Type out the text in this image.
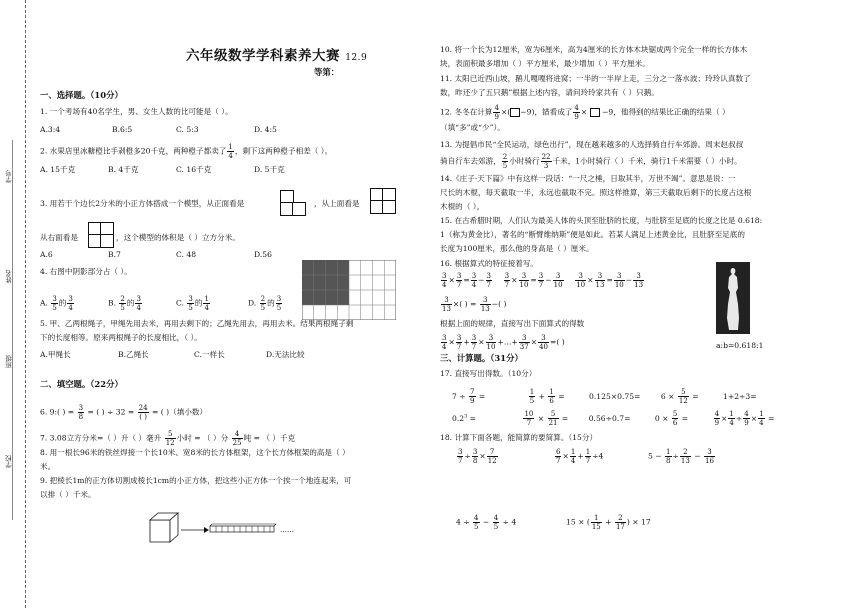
六年级数学学科素养大赛 12.9
等第：
学号
姓名
班级
学校
一、选择题。（10分）
1. 一个考场有40名学生，男、女生人数的比可能是（ ）。
A.3:4	B.6:5	C. 5:3	D. 4:5
2. 水果店里冰糖橙比手剥橙多20千克，两种橙子都卖了 $\frac{1}{4}$ ，剩下这两种橙子相差（ ）。
A. 15千克	B. 4千克	C. 16千克	D. 5千克
3. 用若干个边长2分米的小正方体搭成一个模型，从正面看是	，从上面看是
从右面看是	，这个模型的体积是（ ）立方分米。
A.6	B.7	C. 48	D.56
4. 右图中阴影部分占（ ）。
A. $\frac{3}{5}$ 的 $\frac{3}{4}$	B. $\frac{2}{5}$ 的 $\frac{3}{4}$	C. $\frac{3}{5}$ 的 $\frac{1}{4}$	D. $\frac{2}{5}$ 的 $\frac{3}{5}$
5. 甲、乙两根绳子，甲绳先用去米，再用去剩下的；乙绳先用去，再用去米。结果两根绳子剩
下的长度相等。原来两根绳子的长度相比，（ ）。
A.甲绳长	B.乙绳长	C.一样长	D.无法比较
二、填空题。（22分）
6. 9:( ) = $\frac{3}{8}$ = ( ) ÷ $32 = \frac{24}{( )}$ = ( )（填小数）
7. 3.08立方分米=（ ）升（ ）毫升 $\frac{5}{12}$ 小时 = （ ）分 $\frac{4}{25}$ 吨 = （ ）千克
8. 用一根长96米的铁丝焊接一个长10米、宽8米的长方体框架，这个长方体框架的高是（ ）
米。
9. 把棱长1m的正方体切割成棱长1cm的小正方体，把这些小正方体一个挨一个地连起来，可
以排（ ）千米。
……
10. 将一个长为12厘米，宽为6厘米，高为4厘米的长方体木块锯成两个完全一样的长方体木
块，表面积最多增加（ ）平方厘米，最少增加（ ）平方厘米。
11. 太阳已近西山坡，鹅儿嘎嘎将进窝；一半的一半岸上走，三分之一落水波；玲玲认真数了
数，昨还少了五只鹅”根据上述内容，请问玲玲家共有（ ）只鹅。
12. 冬冬在计算 $\frac{4}{9}$ ×( −9)，错看成了 $\frac{4}{9} \times -9$，他得到的结果比正确的结果（ ）
（填“多”或“少”）。
13. 为提倡市民“全民运动，绿色出行”，现在越来越多的人选择骑自行车郊游。周末赵叔叔
骑自行车去郊游， $\frac{2}{5}$ 小时骑行 $\frac{22}{3}$ 千米，1小时骑行（ ）千米，骑行1千米需要（ ）小时。
14.《庄子·天下篇》中有这样一段话：“一尺之棰，日取其半，万世不竭”。意思是说：一
尺长的木棍，每天截取一半，永远也截取不完。照这样推算，第三天截取后剩下的长度占这根
木棍的（ ）。
15. 在古希腊时期，人们认为最美人体的头顶至肚脐的长度，与肚脐至足底的长度之比是 0.618:
1（称为黄金比），著名的“断臂维纳斯”便是如此。若某人满足上述黄金比，且肚脐至足底的
长度为100厘米，那么他的身高是（ ）厘米。
16. 根据算式的特征接着写。
$\frac{3}{4} \times \frac{3}{7} = \frac{3}{4} - \frac{3}{7}$
$\frac{3}{7} \times \frac{3}{10} = \frac{3}{7} - \frac{3}{10}$
$\frac{3}{10} \times \frac{3}{13} = \frac{3}{10} - \frac{3}{13}$
$\frac{3}{13}$ ×( ) = $\frac{3}{13}$ −( )
根据上面的规律，直接写出下面算式的得数
$\frac{3}{4} \times \frac{3}{7} + \frac{3}{7} \times \frac{3}{10}$ +…+ $\frac{3}{37} \times \frac{3}{40}$ =( )	a:b=0.618:1
三、计算题。（31分）
17. 直接写出得数。（10分）
$7 \div \frac{7}{9}$ =	$\frac{1}{5} + \frac{1}{6}$ =	0.125×0.75=	$6 \times \frac{5}{12}$ =	1+2÷3=
$0.2^3$ =	$\frac{10}{7} \times \frac{5}{21}$ =	0.56÷0.7=	$0 \times \frac{5}{6}$ =	$\frac{4}{9} \times \frac{1}{4} \div \frac{4}{9} \times \frac{1}{4}$ =
18. 计算下面各题，能简算的要简算。（15分）
$\frac{3}{7} \div \frac{3}{8} \times \frac{7}{12}$	$\frac{6}{7} \times \frac{1}{4} + \frac{1}{7} \div 4$	$5 - \frac{1}{8} \div \frac{2}{13} - \frac{3}{16}$
$4 \div \frac{4}{5} - \frac{4}{5} \div 4$	15 × ( $\frac{1}{15} + \frac{2}{17}$ ) × 17
